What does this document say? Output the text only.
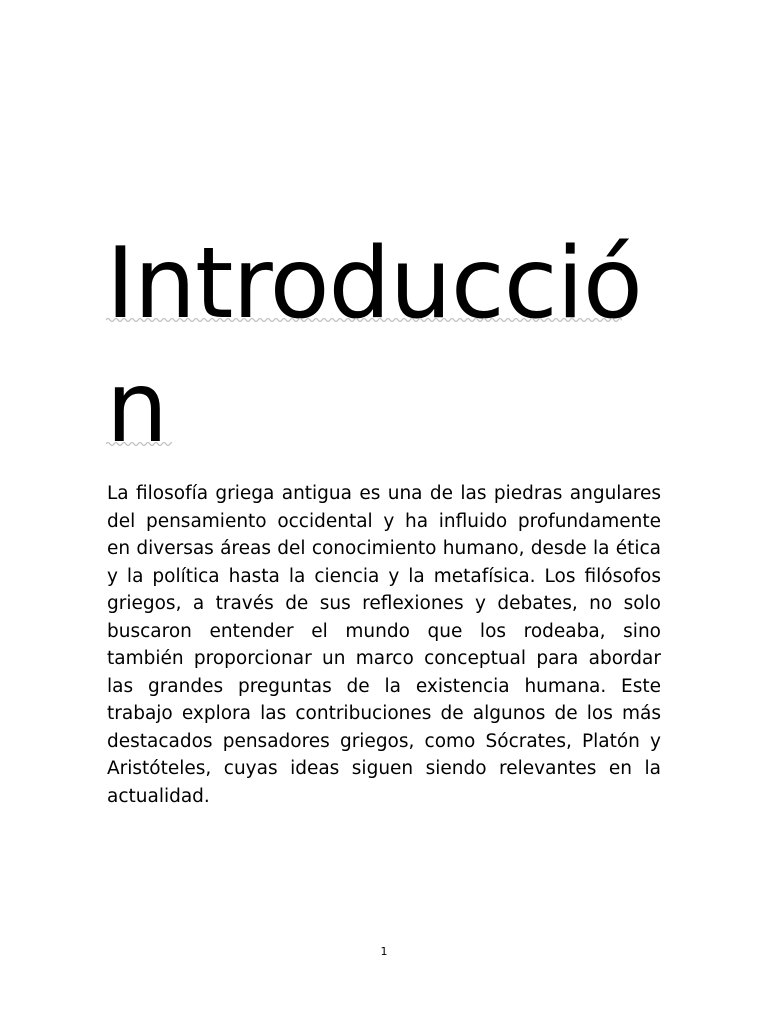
Introducció
n

La filosofía griega antigua es una de las piedras angulares del pensamiento occidental y ha influido profundamente en diversas áreas del conocimiento humano, desde la ética y la política hasta la ciencia y la metafísica. Los filósofos griegos, a través de sus reflexiones y debates, no solo buscaron entender el mundo que los rodeaba, sino también proporcionar un marco conceptual para abordar las grandes preguntas de la existencia humana. Este trabajo explora las contribuciones de algunos de los más destacados pensadores griegos, como Sócrates, Platón y Aristóteles, cuyas ideas siguen siendo relevantes en la actualidad.

1
